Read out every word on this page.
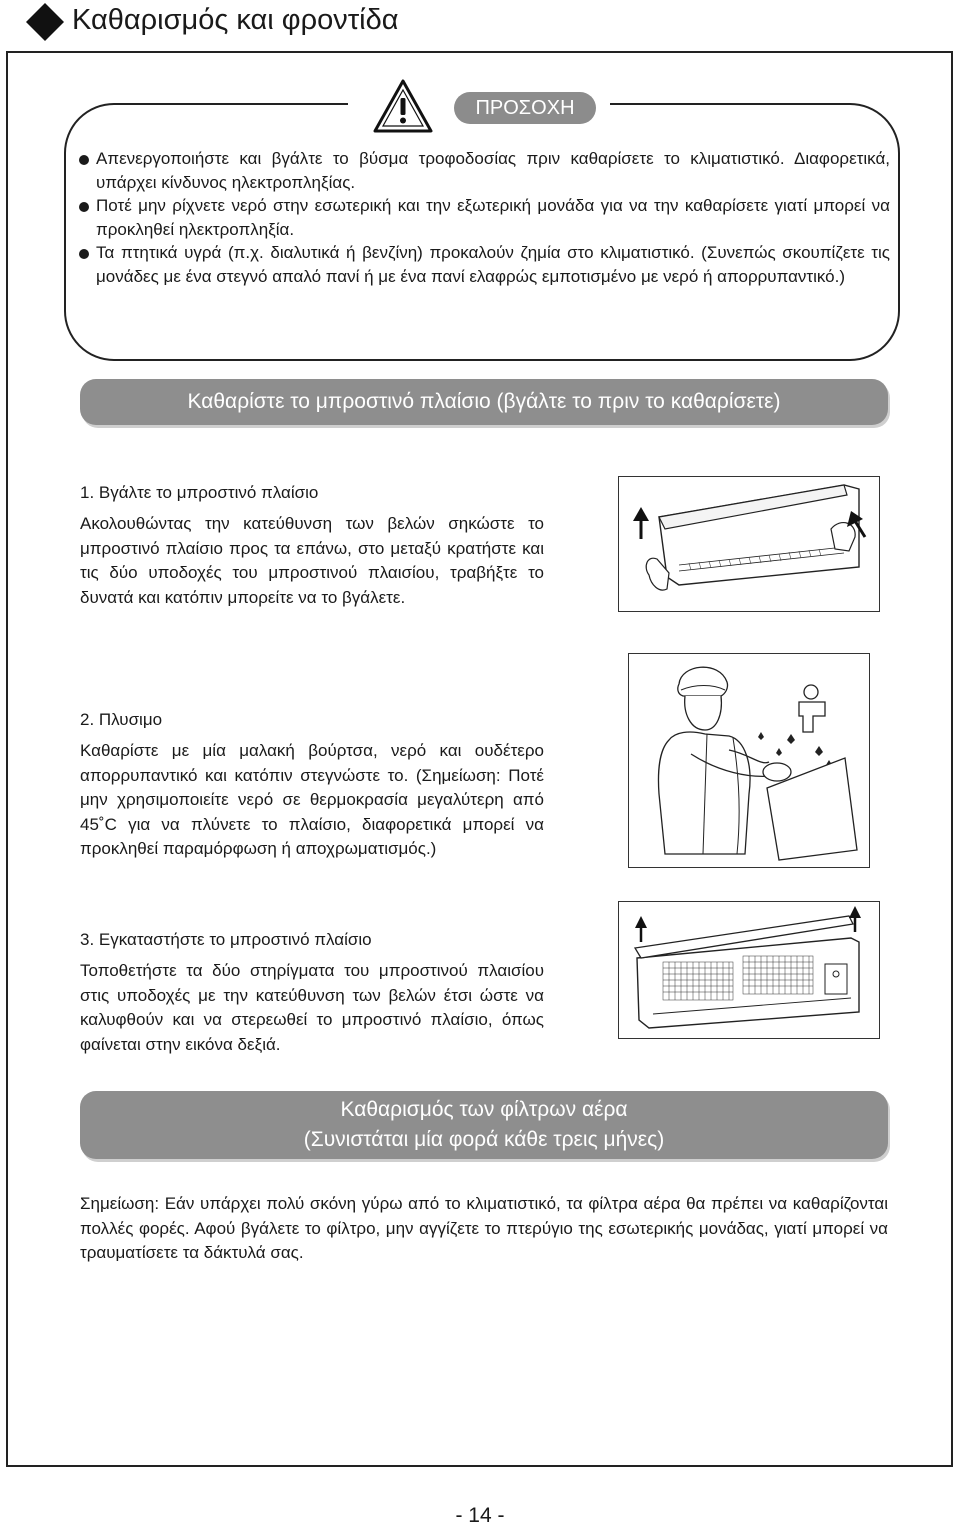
Καθαρισμός και φροντίδα
ΠΡΟΣΟΧΗ
Απενεργοποιήστε και βγάλτε το βύσμα τροφοδοσίας πριν καθαρίσετε το κλιματιστικό. Διαφορετικά, υπάρχει κίνδυνος ηλεκτροπληξίας.
Ποτέ μην ρίχνετε νερό στην εσωτερική και την εξωτερική μονάδα για να την καθαρίσετε γιατί μπορεί να προκληθεί ηλεκτροπληξία.
Τα πτητικά υγρά (π.χ. διαλυτικά ή βενζίνη) προκαλούν ζημία στο κλιματιστικό. (Συνεπώς σκουπίζετε τις μονάδες με ένα στεγνό απαλό πανί ή με ένα πανί ελαφρώς εμποτισμένο με νερό ή απορρυπαντικό.)
Καθαρίστε το μπροστινό πλαίσιο (βγάλτε το πριν το καθαρίσετε)
1. Βγάλτε το μπροστινό πλαίσιο
Ακολουθώντας την κατεύθυνση των βελών σηκώστε το μπροστινό πλαίσιο προς τα επάνω, στο μεταξύ κρατήστε και τις δύο υποδοχές του μπροστινού πλαισίου, τραβήξτε το δυνατά και κατόπιν μπορείτε να το βγάλετε.
2. Πλυσιμο
Καθαρίστε με μία μαλακή βούρτσα, νερό και ουδέτερο απορρυπαντικό και κατόπιν στεγνώστε το. (Σημείωση: Ποτέ μην χρησιμοποιείτε νερό σε θερμοκρασία μεγαλύτερη από 45˚C για να πλύνετε το πλαίσιο, διαφορετικά μπορεί να προκληθεί παραμόρφωση ή αποχρωματισμός.)
3. Εγκαταστήστε το μπροστινό πλαίσιο
Τοποθετήστε τα δύο στηρίγματα του μπροστινού πλαισίου στις υποδοχές με την κατεύθυνση των βελών έτσι ώστε να καλυφθούν και να στερεωθεί το μπροστινό πλαίσιο, όπως φαίνεται στην εικόνα δεξιά.
Καθαρισμός των φίλτρων αέρα
(Συνιστάται μία φορά κάθε τρεις μήνες)
Σημείωση: Εάν υπάρχει πολύ σκόνη γύρω από το κλιματιστικό, τα φίλτρα αέρα θα πρέπει να καθαρίζονται πολλές φορές. Αφού βγάλετε το φίλτρο, μην αγγίζετε το πτερύγιο της εσωτερικής μονάδας, γιατί μπορεί να τραυματίσετε τα δάκτυλά σας.
- 14 -
